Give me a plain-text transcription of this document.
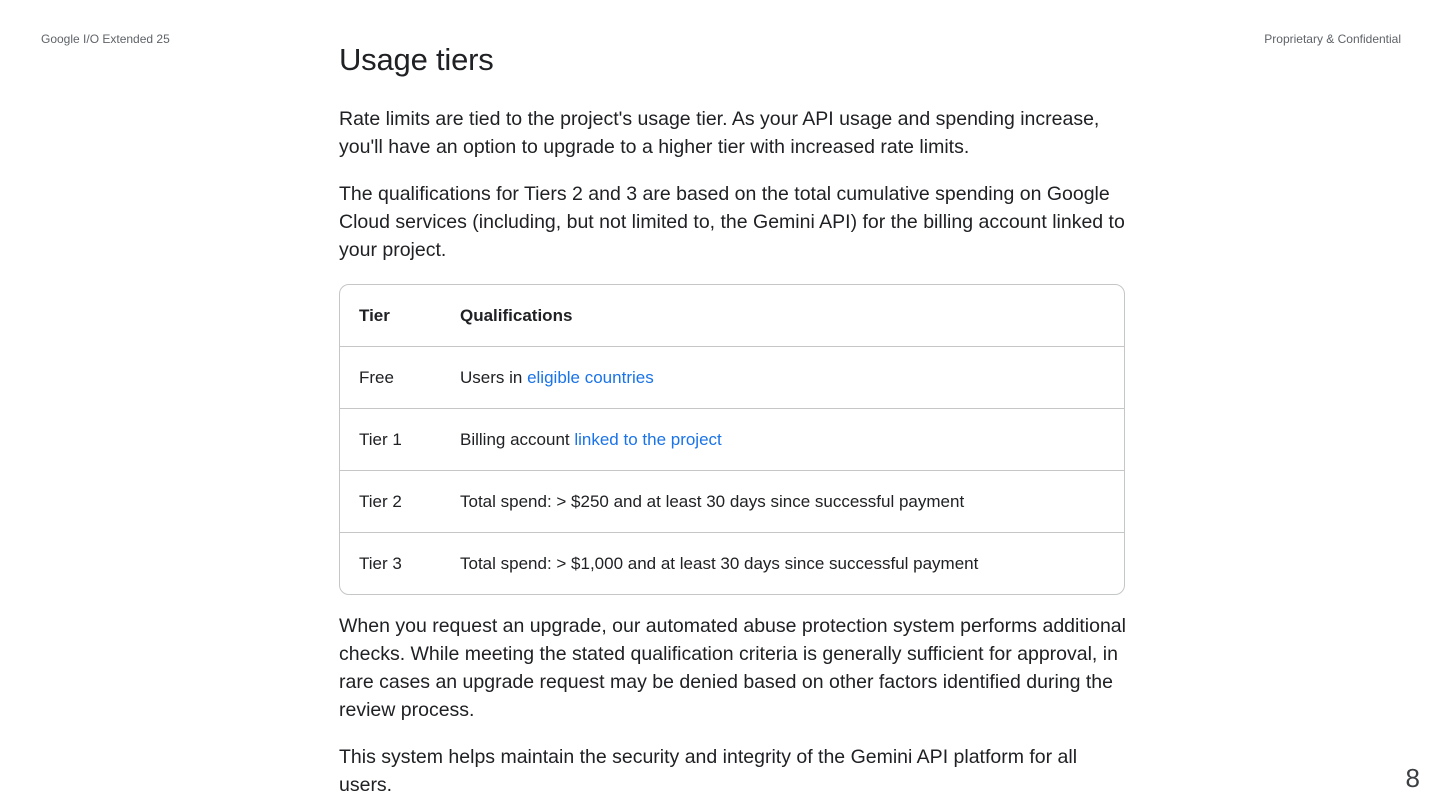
Google I/O Extended 25	Proprietary & Confidential
Usage tiers

Rate limits are tied to the project's usage tier. As your API usage and spending increase, you'll have an option to upgrade to a higher tier with increased rate limits.

The qualifications for Tiers 2 and 3 are based on the total cumulative spending on Google Cloud services (including, but not limited to, the Gemini API) for the billing account linked to your project.

Tier	Qualifications
Free	Users in eligible countries
Tier 1	Billing account linked to the project
Tier 2	Total spend: > $250 and at least 30 days since successful payment
Tier 3	Total spend: > $1,000 and at least 30 days since successful payment

When you request an upgrade, our automated abuse protection system performs additional checks. While meeting the stated qualification criteria is generally sufficient for approval, in rare cases an upgrade request may be denied based on other factors identified during the review process.

This system helps maintain the security and integrity of the Gemini API platform for all users.	8
